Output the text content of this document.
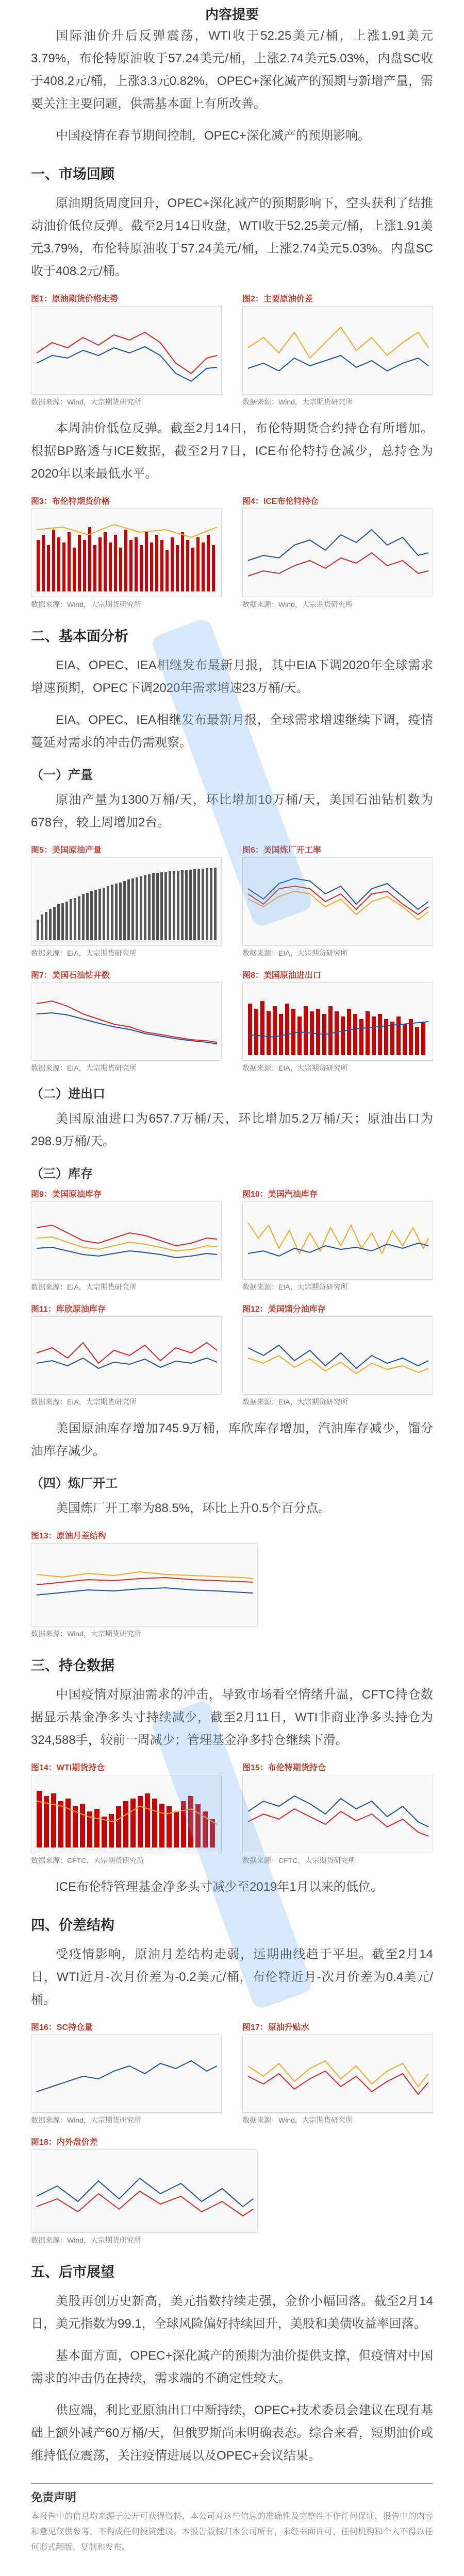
内容提要

国际油价升后反弹震荡，WTI收于52.25美元/桶，上涨1.91美元3.79%，布伦特原油收于57.24美元/桶，上涨2.74美元5.03%，内盘SC收于408.2元/桶，上涨3.3元0.82%，OPEC+深化减产的预期与新增产量，需要关注主要问题，供需基本面上有所改善。

中国疫情在春节期间控制，OPEC+深化减产的预期影响。

一、市场回顾

原油期货周度回升，OPEC+深化减产的预期影响下，空头获利了结推动油价低位反弹。截至2月14日收盘，WTI收于52.25美元/桶，上涨1.91美元3.79%，布伦特原油收于57.24美元/桶，上涨2.74美元5.03%。内盘SC收于408.2元/桶。

图1：原油期货价格走势
数据来源：Wind，大宗期货研究所
图2：主要原油价差
数据来源：Wind，大宗期货研究所

本周油价低位反弹。截至2月14日，布伦特期货合约持仓有所增加。根据BP路透与ICE数据，截至2月7日，ICE布伦特持仓减少，总持仓为2020年以来最低水平。

图3：布伦特期货价格
数据来源：Wind，大宗期货研究所
图4：ICE布伦特持仓
数据来源：Wind，大宗期货研究所
二、基本面分析

EIA、OPEC、IEA相继发布最新月报，其中EIA下调2020年全球需求增速预期，OPEC下调2020年需求增速23万桶/天。

EIA、OPEC、IEA相继发布最新月报，全球需求增速继续下调，疫情蔓延对需求的冲击仍需观察。

（一）产量

原油产量为1300万桶/天，环比增加10万桶/天，美国石油钻机数为678台，较上周增加2台。

图5：美国原油产量
数据来源：EIA，大宗期货研究所
图6：美国炼厂开工率
数据来源：EIA，大宗期货研究所
图7：美国石油钻井数
数据来源：EIA，大宗期货研究所
图8：美国原油进出口
数据来源：EIA，大宗期货研究所
（二）进出口

美国原油进口为657.7万桶/天，环比增加5.2万桶/天；原油出口为298.9万桶/天。

（三）库存
图9：美国原油库存
数据来源：EIA，大宗期货研究所
图10：美国汽油库存
数据来源：EIA，大宗期货研究所
图11：库欣原油库存
数据来源：EIA，大宗期货研究所
图12：美国馏分油库存
数据来源：EIA，大宗期货研究所

美国原油库存增加745.9万桶，库欣库存增加，汽油库存减少，馏分油库存减少。

（四）炼厂开工

美国炼厂开工率为88.5%，环比上升0.5个百分点。

图13：原油月差结构
数据来源：Wind，大宗期货研究所
三、持仓数据

中国疫情对原油需求的冲击，导致市场看空情绪升温，CFTC持仓数据显示基金净多头寸持续减少，截至2月11日，WTI非商业净多头持仓为324,588手，较前一周减少；管理基金净多持仓继续下滑。

图14：WTI期货持仓
数据来源：CFTC，大宗期货研究所
图15：布伦特期货持仓
数据来源：CFTC，大宗期货研究所

ICE布伦特管理基金净多头寸减少至2019年1月以来的低位。

四、价差结构

受疫情影响，原油月差结构走弱，远期曲线趋于平坦。截至2月14日，WTI近月-次月价差为-0.2美元/桶，布伦特近月-次月价差为0.4美元/桶。

图16：SC持仓量
数据来源：Wind，大宗期货研究所
图17：原油升贴水
数据来源：Wind，大宗期货研究所
图18：内外盘价差
数据来源：Wind，大宗期货研究所
五、后市展望

美股再创历史新高，美元指数持续走强，金价小幅回落。截至2月14日，美元指数为99.1，全球风险偏好持续回升，美股和美债收益率回落。

基本面方面，OPEC+深化减产的预期为油价提供支撑，但疫情对中国需求的冲击仍在持续，需求端的不确定性较大。

供应端，利比亚原油出口中断持续，OPEC+技术委员会建议在现有基础上额外减产60万桶/天，但俄罗斯尚未明确表态。综合来看，短期油价或维持低位震荡，关注疫情进展以及OPEC+会议结果。

免责声明
本报告中的信息均来源于公开可获得资料，本公司对这些信息的准确性及完整性不作任何保证，报告中的内容和意见仅供参考，不构成任何投资建议。本报告版权归本公司所有，未经书面许可，任何机构和个人不得以任何形式翻版、复制和发布。
